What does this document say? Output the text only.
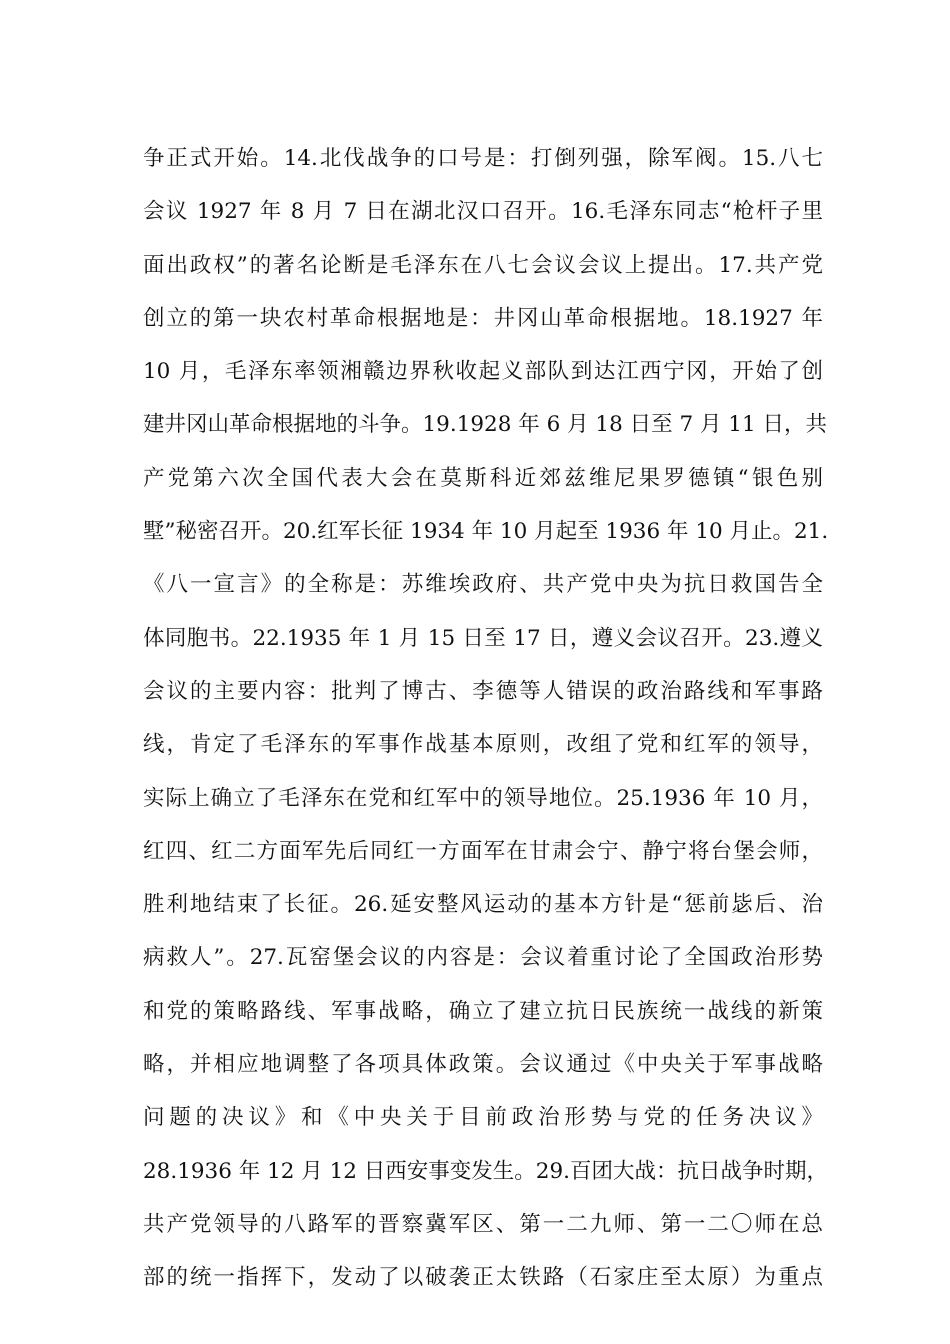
争正式开始。14.北伐战争的口号是：打倒列强，除军阀。15.八七
会议 1927 年 8 月 7 日在湖北汉口召开。16.毛泽东同志“枪杆子里
面出政权”的著名论断是毛泽东在八七会议会议上提出。17.共产党
创立的第一块农村革命根据地是：井冈山革命根据地。18.1927 年
10 月，毛泽东率领湘赣边界秋收起义部队到达江西宁冈，开始了创
建井冈山革命根据地的斗争。19.1928 年 6 月 18 日至 7 月 11 日，共
产党第六次全国代表大会在莫斯科近郊兹维尼果罗德镇“银色别
墅”秘密召开。20.红军长征 1934 年 10 月起至 1936 年 10 月止。21.
《八一宣言》的全称是：苏维埃政府、共产党中央为抗日救国告全
体同胞书。22.1935 年 1 月 15 日至 17 日，遵义会议召开。23.遵义
会议的主要内容：批判了博古、李德等人错误的政治路线和军事路
线，肯定了毛泽东的军事作战基本原则，改组了党和红军的领导，
实际上确立了毛泽东在党和红军中的领导地位。25.1936 年 10 月，
红四、红二方面军先后同红一方面军在甘肃会宁、静宁将台堡会师，
胜利地结束了长征。26.延安整风运动的基本方针是“惩前毖后、治
病救人”。27.瓦窑堡会议的内容是：会议着重讨论了全国政治形势
和党的策略路线、军事战略，确立了建立抗日民族统一战线的新策
略，并相应地调整了各项具体政策。会议通过《中央关于军事战略
问题的决议》和《中央关于目前政治形势与党的任务决议》
28.1936 年 12 月 12 日西安事变发生。29.百团大战：抗日战争时期，
共产党领导的八路军的晋察冀军区、第一二九师、第一二〇师在总
部的统一指挥下，发动了以破袭正太铁路（石家庄至太原）为重点
